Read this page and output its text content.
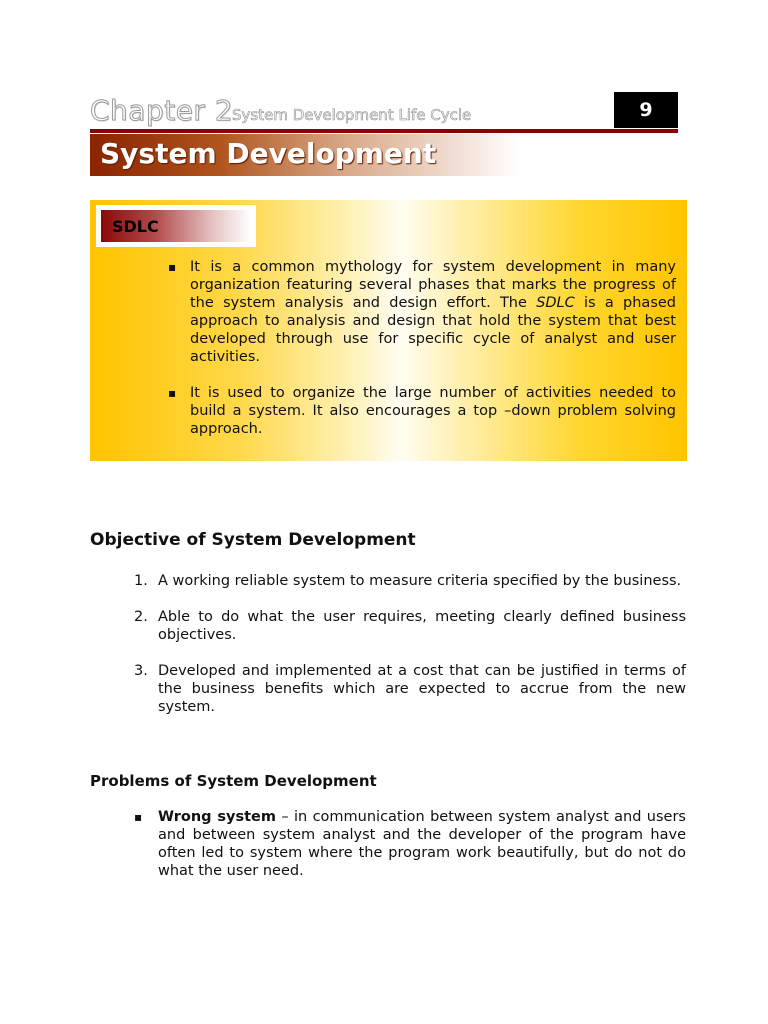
Chapter 2
System Development Life Cycle	9
System Development
SDLC
▪ It is a common mythology for system development in many organization featuring several phases that marks the progress of the system analysis and design effort. The SDLC is a phased approach to analysis and design that hold the system that best developed through use for specific cycle of analyst and user activities.
▪ It is used to organize the large number of activities needed to build a system. It also encourages a top –down problem solving approach.
Objective of System Development
1. A working reliable system to measure criteria specified by the business.
2. Able to do what the user requires, meeting clearly defined business objectives.
3. Developed and implemented at a cost that can be justified in terms of the business benefits which are expected to accrue from the new system.
Problems of System Development
▪ Wrong system – in communication between system analyst and users and between system analyst and the developer of the program have often led to system where the program work beautifully, but do not do what the user need.
